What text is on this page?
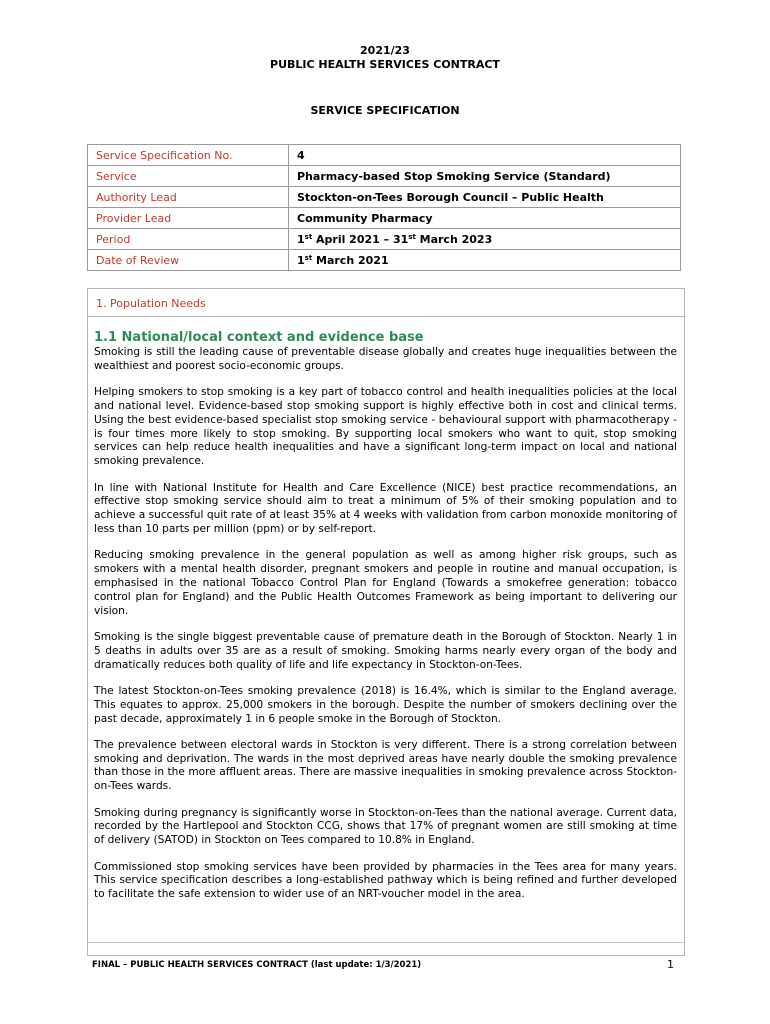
2021/23
PUBLIC HEALTH SERVICES CONTRACT
SERVICE SPECIFICATION
Service Specification No.	4
Service	Pharmacy-based Stop Smoking Service (Standard)
Authority Lead	Stockton-on-Tees Borough Council – Public Health
Provider Lead	Community Pharmacy
Period	1st April 2021 – 31st March 2023
Date of Review	1st March 2021
1. Population Needs
1.1 National/local context and evidence base

Smoking is still the leading cause of preventable disease globally and creates huge inequalities between the wealthiest and poorest socio-economic groups.

Helping smokers to stop smoking is a key part of tobacco control and health inequalities policies at the local and national level. Evidence-based stop smoking support is highly effective both in cost and clinical terms. Using the best evidence-based specialist stop smoking service - behavioural support with pharmacotherapy - is four times more likely to stop smoking. By supporting local smokers who want to quit, stop smoking services can help reduce health inequalities and have a significant long-term impact on local and national smoking prevalence.

In line with National Institute for Health and Care Excellence (NICE) best practice recommendations, an effective stop smoking service should aim to treat a minimum of 5% of their smoking population and to achieve a successful quit rate of at least 35% at 4 weeks with validation from carbon monoxide monitoring of less than 10 parts per million (ppm) or by self-report.

Reducing smoking prevalence in the general population as well as among higher risk groups, such as smokers with a mental health disorder, pregnant smokers and people in routine and manual occupation, is emphasised in the national Tobacco Control Plan for England (Towards a smokefree generation: tobacco control plan for England) and the Public Health Outcomes Framework as being important to delivering our vision.

Smoking is the single biggest preventable cause of premature death in the Borough of Stockton. Nearly 1 in 5 deaths in adults over 35 are as a result of smoking. Smoking harms nearly every organ of the body and dramatically reduces both quality of life and life expectancy in Stockton-on-Tees.

The latest Stockton-on-Tees smoking prevalence (2018) is 16.4%, which is similar to the England average. This equates to approx. 25,000 smokers in the borough. Despite the number of smokers declining over the past decade, approximately 1 in 6 people smoke in the Borough of Stockton.

The prevalence between electoral wards in Stockton is very different. There is a strong correlation between smoking and deprivation. The wards in the most deprived areas have nearly double the smoking prevalence than those in the more affluent areas. There are massive inequalities in smoking prevalence across Stockton-on-Tees wards.

Smoking during pregnancy is significantly worse in Stockton-on-Tees than the national average. Current data, recorded by the Hartlepool and Stockton CCG, shows that 17% of pregnant women are still smoking at time of delivery (SATOD) in Stockton on Tees compared to 10.8% in England.

Commissioned stop smoking services have been provided by pharmacies in the Tees area for many years. This service specification describes a long-established pathway which is being refined and further developed to facilitate the safe extension to wider use of an NRT-voucher model in the area.

FINAL – PUBLIC HEALTH SERVICES CONTRACT (last update: 1/3/2021)	1
